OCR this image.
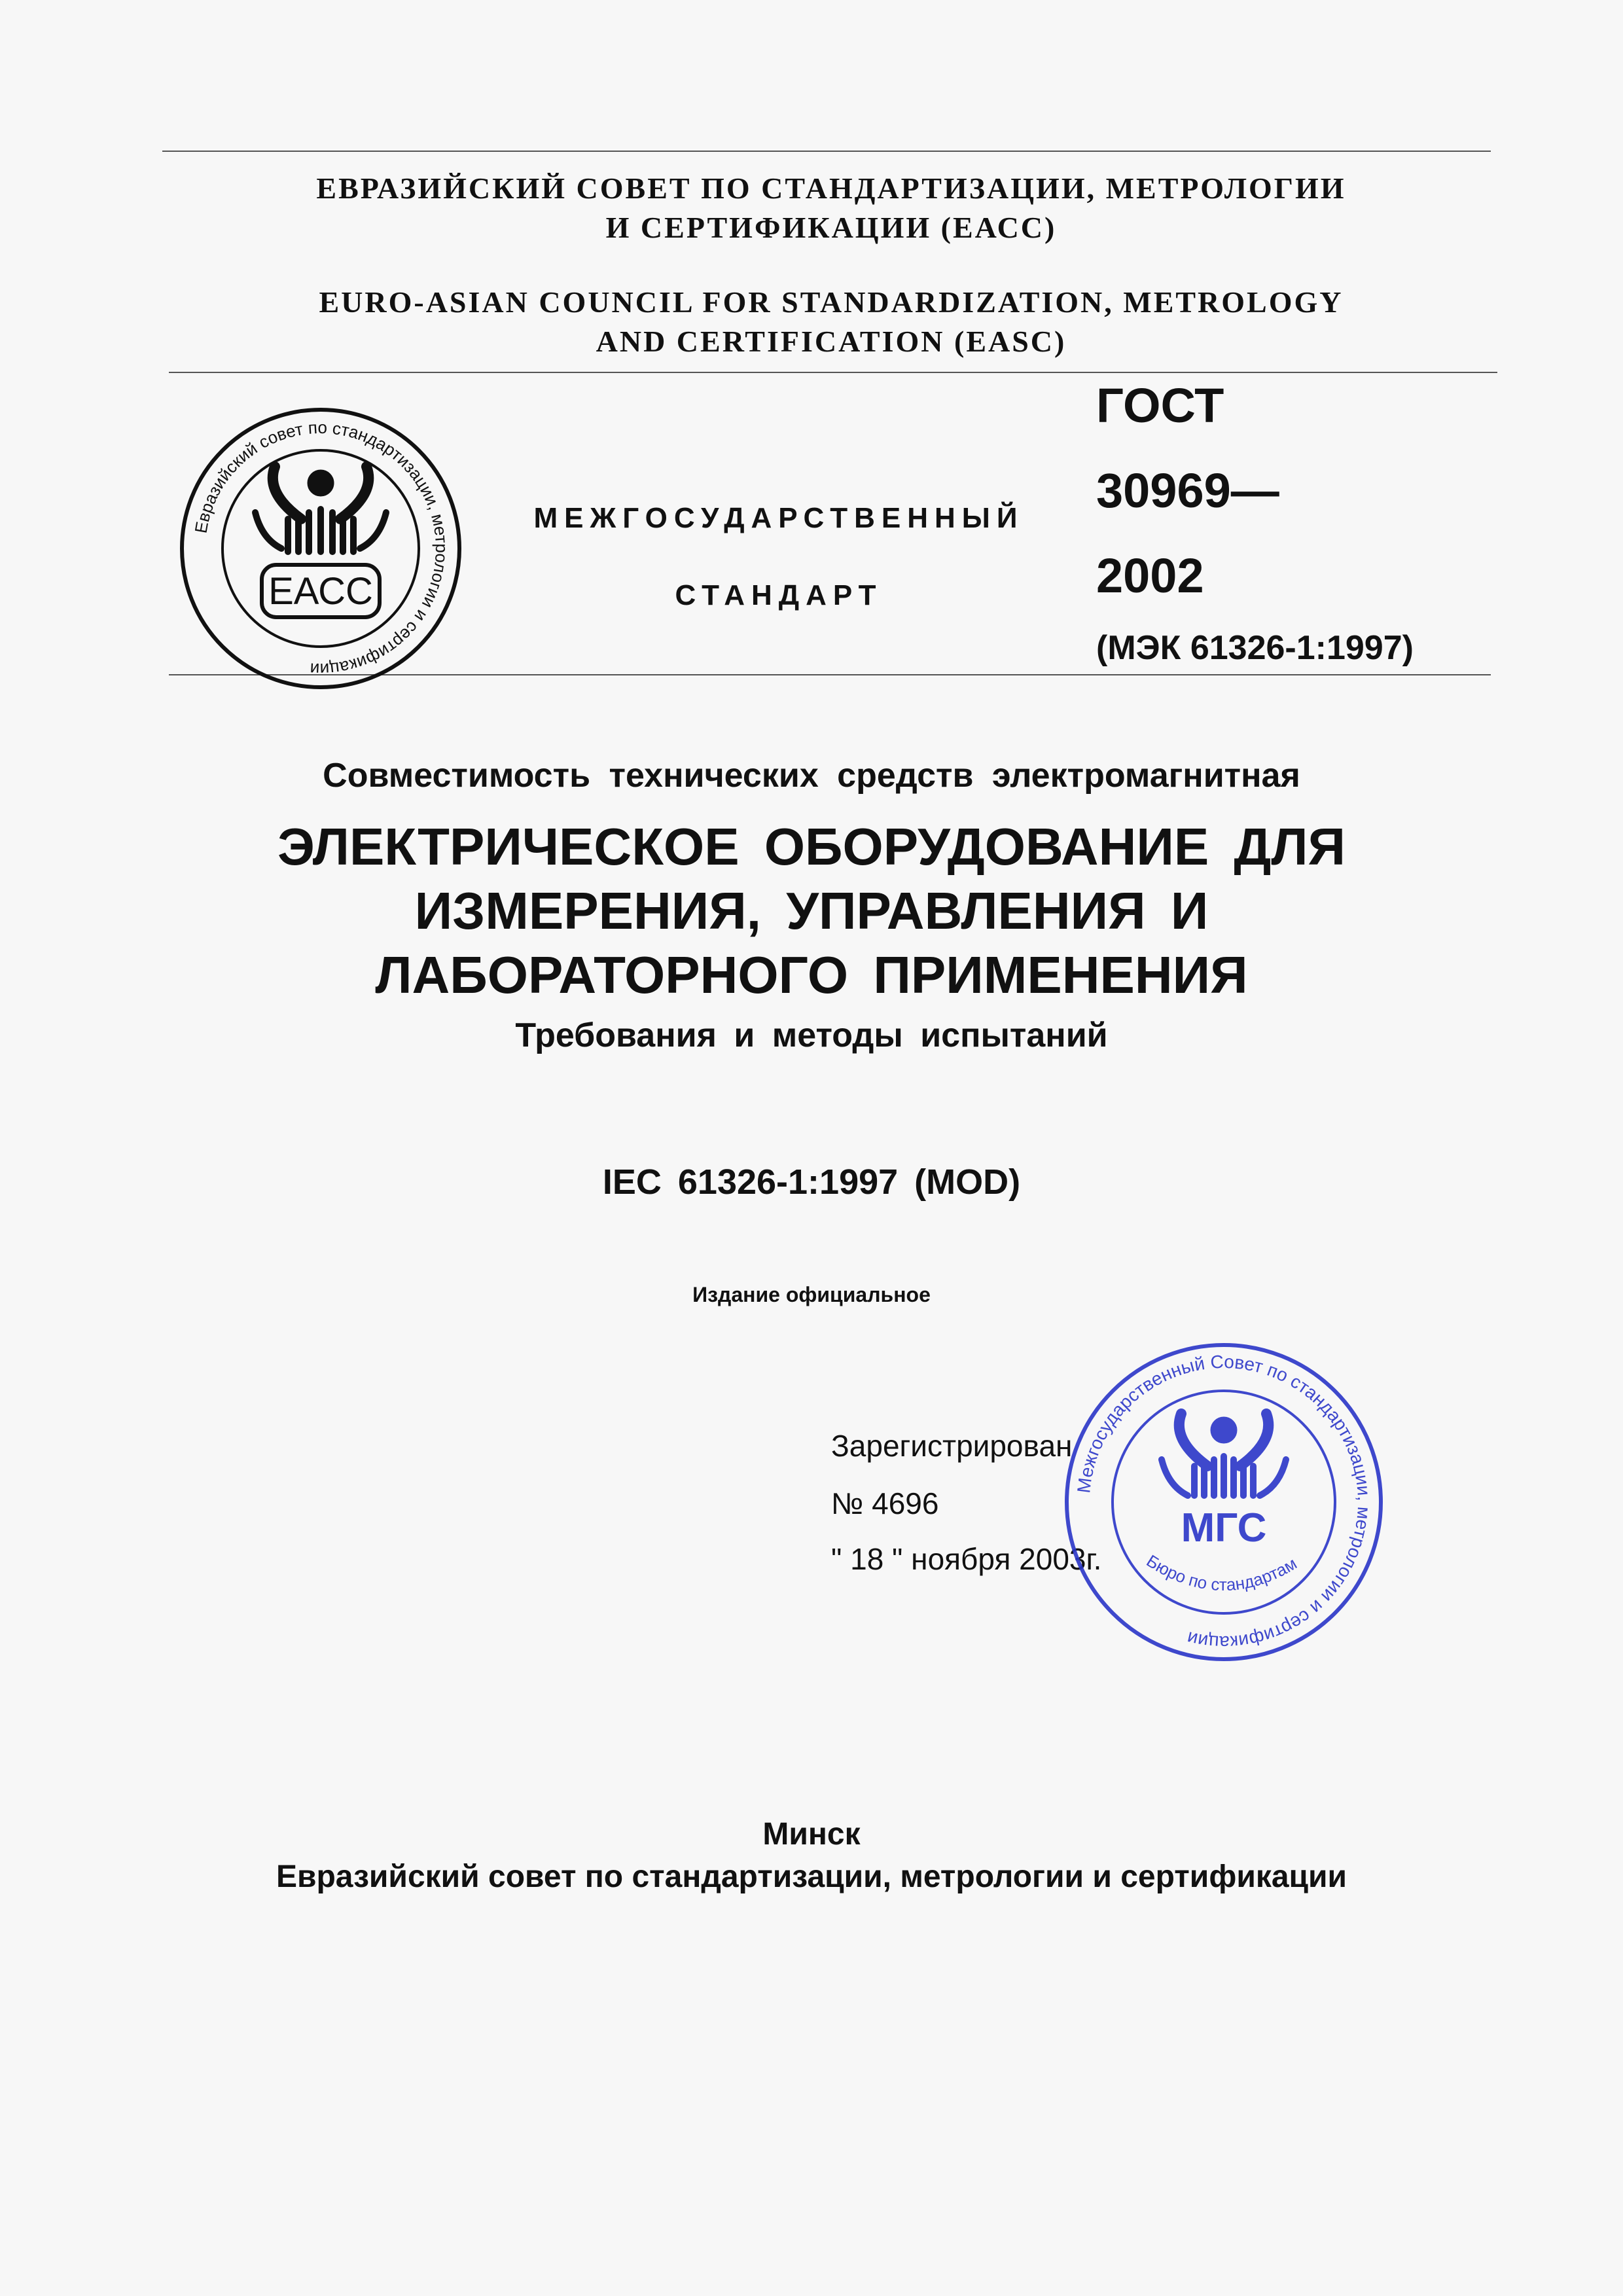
ЕВРАЗИЙСКИЙ СОВЕТ ПО СТАНДАРТИЗАЦИИ, МЕТРОЛОГИИ
И СЕРТИФИКАЦИИ (ЕАСС)
EURO-ASIAN COUNCIL FOR STANDARDIZATION, METROLOGY
AND CERTIFICATION (EASC)
Евразийский совет по стандартизации, метрологии и сертификации
ЕАСС
МЕЖГОСУДАРСТВЕННЫЙ
СТАНДАРТ
ГОСТ
30969—
2002
(МЭК 61326-1:1997)
Совместимость технических средств электромагнитная
ЭЛЕКТРИЧЕСКОЕ ОБОРУДОВАНИЕ ДЛЯ
ИЗМЕРЕНИЯ, УПРАВЛЕНИЯ И
ЛАБОРАТОРНОГО ПРИМЕНЕНИЯ
Требования и методы испытаний
IEC 61326-1:1997 (MOD)
Издание официальное
Зарегистрирован
№ 4696
" 18 " ноября 2003г.
Межгосударственный Совет по стандартизации, метрологии и сертификации
МГС
Бюро по стандартам
Минск
Евразийский совет по стандартизации, метрологии и сертификации
